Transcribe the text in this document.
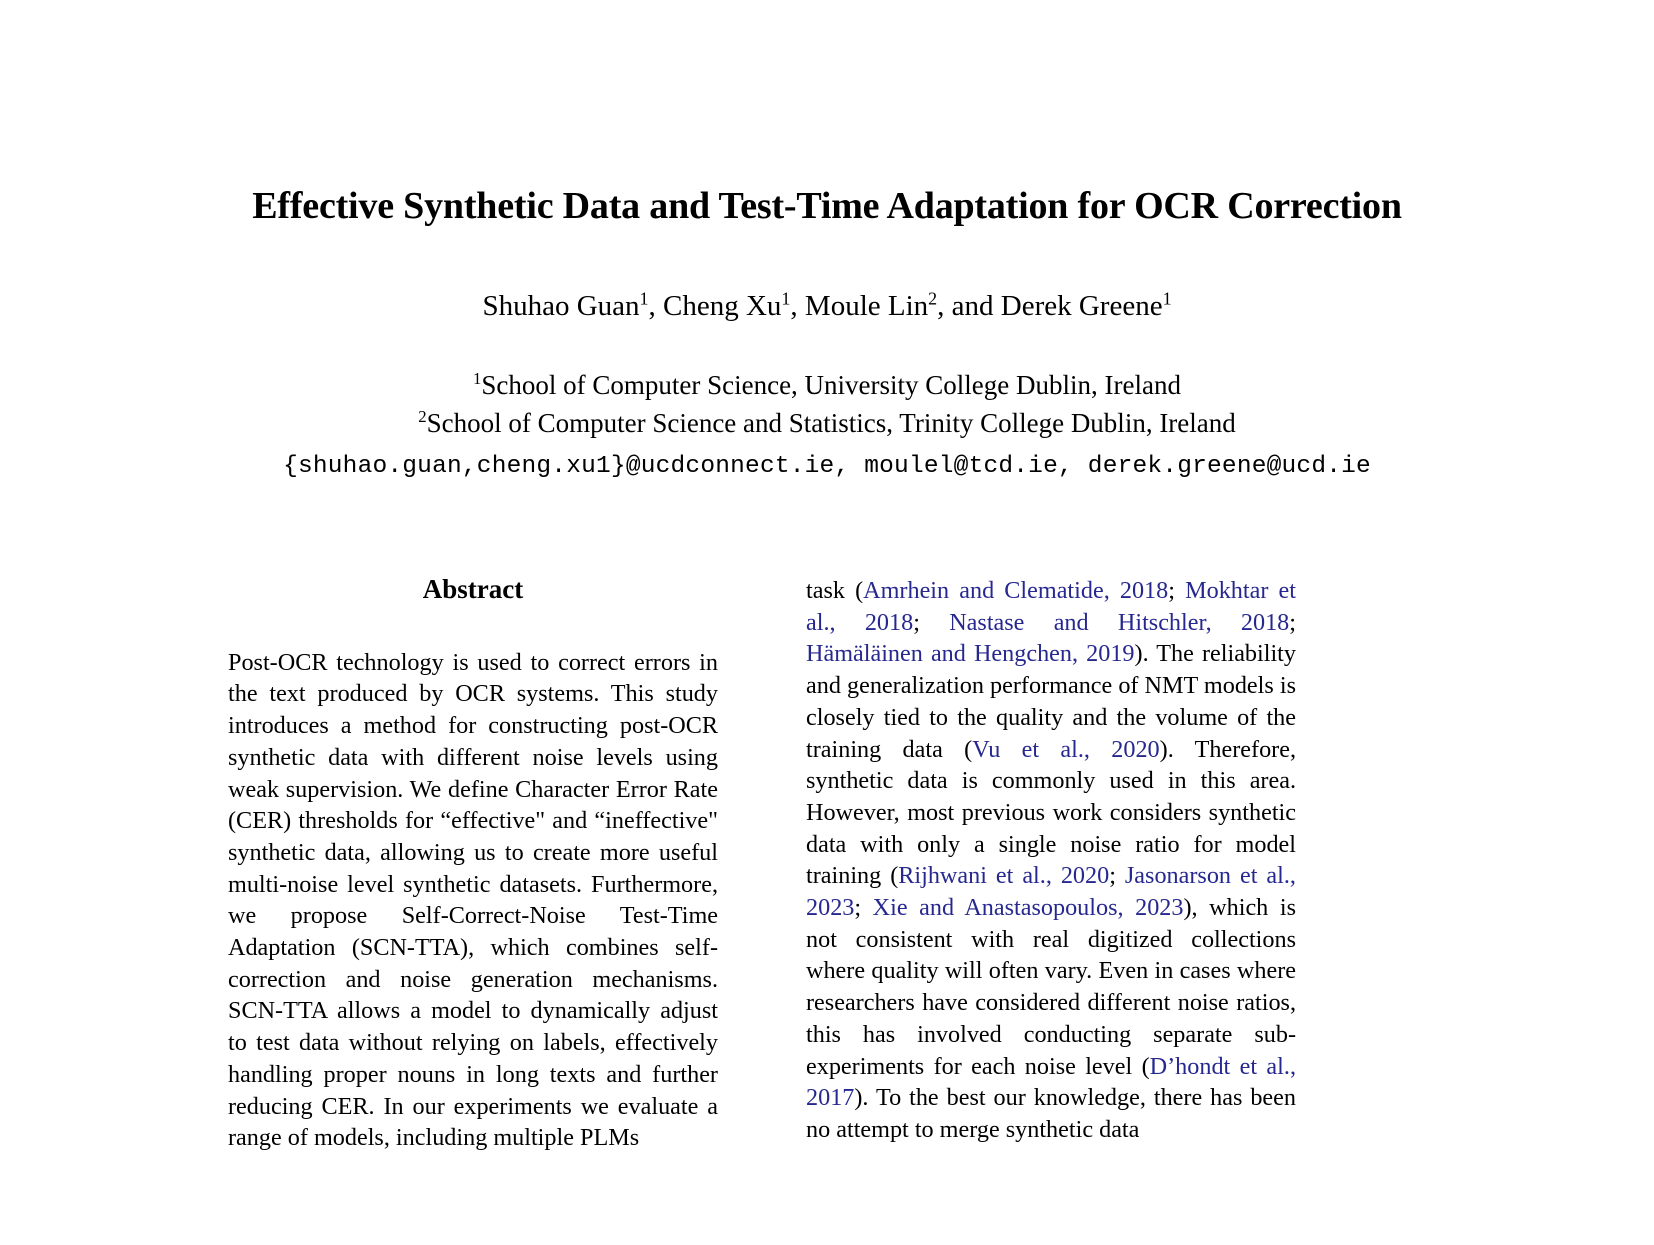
Effective Synthetic Data and Test-Time Adaptation for OCR Correction
Shuhao Guan$^1$, Cheng Xu$^1$, Moule Lin$^2$, and Derek Greene$^1$
$^1$School of Computer Science, University College Dublin, Ireland
$^2$School of Computer Science and Statistics, Trinity College Dublin, Ireland
{shuhao.guan,cheng.xu1}@ucdconnect.ie, moulel@tcd.ie, derek.greene@ucd.ie
Abstract

Post-OCR technology is used to correct errors in the text produced by OCR systems. This study introduces a method for constructing post-OCR synthetic data with different noise levels using weak supervision. We define Character Error Rate (CER) thresholds for “effective" and “ineffective" synthetic data, allowing us to create more useful multi-noise level synthetic datasets. Furthermore, we propose Self-Correct-Noise Test-Time Adaptation (SCN-TTA), which combines self-correction and noise generation mechanisms. SCN-TTA allows a model to dynamically adjust to test data without relying on labels, effectively handling proper nouns in long texts and further reducing CER. In our experiments we evaluate a range of models, including multiple PLMs

task (Amrhein and Clematide, 2018; Mokhtar et al., 2018; Nastase and Hitschler, 2018; Hämäläinen and Hengchen, 2019). The reliability and generalization performance of NMT models is closely tied to the quality and the volume of the training data (Vu et al., 2020). Therefore, synthetic data is commonly used in this area. However, most previous work considers synthetic data with only a single noise ratio for model training (Rijhwani et al., 2020; Jasonarson et al., 2023; Xie and Anastasopoulos, 2023), which is not consistent with real digitized collections where quality will often vary. Even in cases where researchers have considered different noise ratios, this has involved conducting separate sub-experiments for each noise level (D’hondt et al., 2017). To the best our knowledge, there has been no attempt to merge synthetic data
